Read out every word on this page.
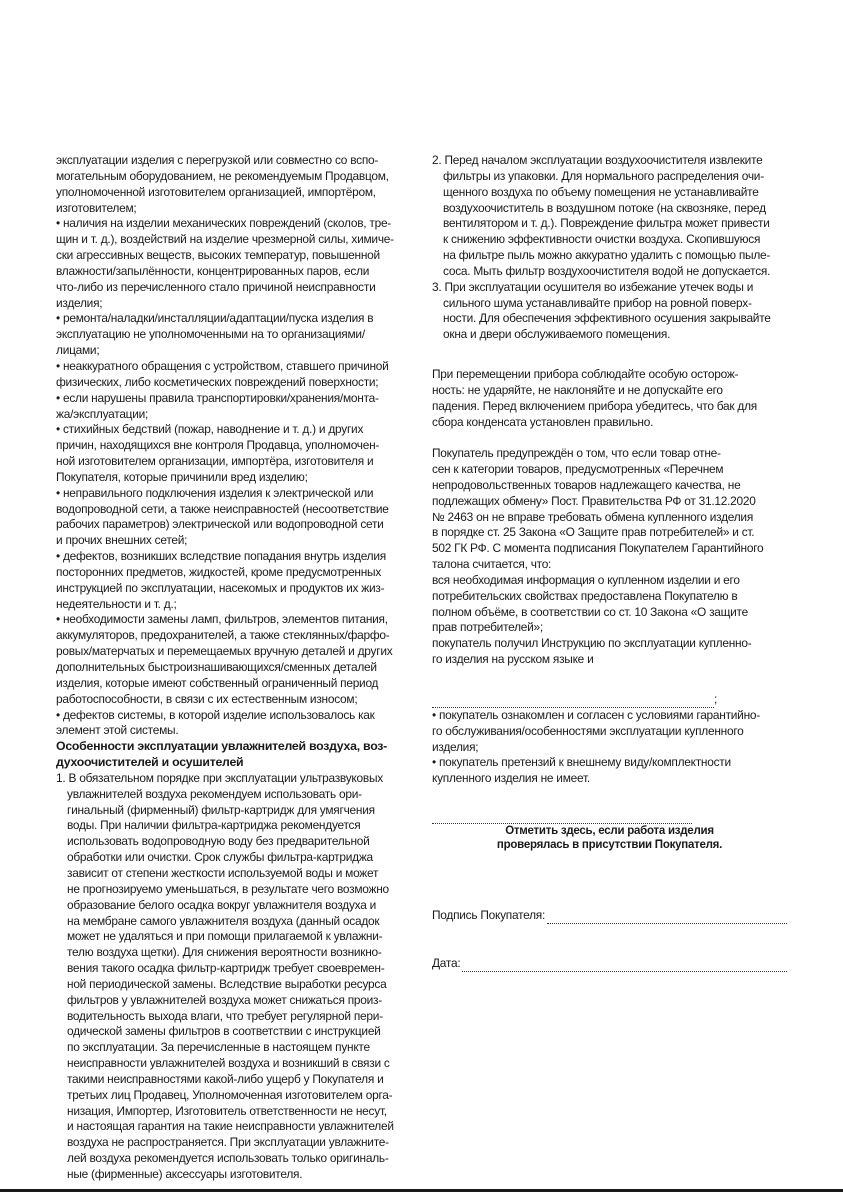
эксплуатации изделия с перегрузкой или совместно со вспо-

могательным оборудованием, не рекомендуемым Продавцом,

уполномоченной изготовителем организацией, импортёром,

изготовителем;

• наличия на изделии механических повреждений (сколов, тре-

щин и т. д.), воздействий на изделие чрезмерной силы, химиче-

ски агрессивных веществ, высоких температур, повышенной

влажности/запылённости, концентрированных паров, если

что-либо из перечисленного стало причиной неисправности

изделия;

• ремонта/наладки/инсталляции/адаптации/пуска изделия в

эксплуатацию не уполномоченными на то организациями/

лицами;

• неаккуратного обращения с устройством, ставшего причиной

физических, либо косметических повреждений поверхности;

• если нарушены правила транспортировки/хранения/монта-

жа/эксплуатации;

• стихийных бедствий (пожар, наводнение и т. д.) и других

причин, находящихся вне контроля Продавца, уполномочен-

ной изготовителем организации, импортёра, изготовителя и

Покупателя, которые причинили вред изделию;

• неправильного подключения изделия к электрической или

водопроводной сети, а также неисправностей (несоответствие

рабочих параметров) электрической или водопроводной сети

и прочих внешних сетей;

• дефектов, возникших вследствие попадания внутрь изделия

посторонних предметов, жидкостей, кроме предусмотренных

инструкцией по эксплуатации, насекомых и продуктов их жиз-

недеятельности и т. д.;

• необходимости замены ламп, фильтров, элементов питания,

аккумуляторов, предохранителей, а также стеклянных/фарфо-

ровых/матерчатых и перемещаемых вручную деталей и других

дополнительных быстроизнашивающихся/сменных деталей

изделия, которые имеют собственный ограниченный период

работоспособности, в связи с их естественным износом;

• дефектов системы, в которой изделие использовалось как

элемент этой системы.

Особенности эксплуатации увлажнителей воздуха, воз-

духоочистителей и осушителей

1. В обязательном порядке при эксплуатации ультразвуковых

увлажнителей воздуха рекомендуем использовать ори-

гинальный (фирменный) фильтр-картридж для умягчения

воды. При наличии фильтра-картриджа рекомендуется

использовать водопроводную воду без предварительной

обработки или очистки. Срок службы фильтра-картриджа

зависит от степени жесткости используемой воды и может

не прогнозируемо уменьшаться, в результате чего возможно

образование белого осадка вокруг увлажнителя воздуха и

на мембране самого увлажнителя воздуха (данный осадок

может не удаляться и при помощи прилагаемой к увлажни-

телю воздуха щетки). Для снижения вероятности возникно-

вения такого осадка фильтр-картридж требует своевремен-

ной периодической замены. Вследствие выработки ресурса

фильтров у увлажнителей воздуха может снижаться произ-

водительность выхода влаги, что требует регулярной пери-

одической замены фильтров в соответствии с инструкцией

по эксплуатации. За перечисленные в настоящем пункте

неисправности увлажнителей воздуха и возникший в связи с

такими неисправностями какой-либо ущерб у Покупателя и

третьих лиц Продавец, Уполномоченная изготовителем орга-

низация, Импортер, Изготовитель ответственности не несут,

и настоящая гарантия на такие неисправности увлажнителей

воздуха не распространяется. При эксплуатации увлажните-

лей воздуха рекомендуется использовать только оригиналь-

ные (фирменные) аксессуары изготовителя.

2. Перед началом эксплуатации воздухоочистителя извлеките

фильтры из упаковки. Для нормального распределения очи-

щенного воздуха по объему помещения не устанавливайте

воздухоочиститель в воздушном потоке (на сквозняке, перед

вентилятором и т. д.). Повреждение фильтра может привести

к снижению эффективности очистки воздуха. Скопившуюся

на фильтре пыль можно аккуратно удалить с помощью пыле-

соса. Мыть фильтр воздухоочистителя водой не допускается.

3. При эксплуатации осушителя во избежание утечек воды и

сильного шума устанавливайте прибор на ровной поверх-

ности. Для обеспечения эффективного осушения закрывайте

окна и двери обслуживаемого помещения.

При перемещении прибора соблюдайте особую осторож-

ность: не ударяйте, не наклоняйте и не допускайте его

падения. Перед включением прибора убедитесь, что бак для

сбора конденсата установлен правильно.

Покупатель предупреждён о том, что если товар отне-

сен к категории товаров, предусмотренных «Перечнем

непродовольственных товаров надлежащего качества, не

подлежащих обмену» Пост. Правительства РФ от 31.12.2020

№ 2463 он не вправе требовать обмена купленного изделия

в порядке ст. 25 Закона «О Защите прав потребителей» и ст.

502 ГК РФ. С момента подписания Покупателем Гарантийного

талона считается, что:

вся необходимая информация о купленном изделии и его

потребительских свойствах предоставлена Покупателю в

полном объёме, в соответствии со ст. 10 Закона «О защите

прав потребителей»;

покупатель получил Инструкцию по эксплуатации купленно-

го изделия на русском языке и

;

• покупатель ознакомлен и согласен с условиями гарантийно-

го обслуживания/особенностями эксплуатации купленного

изделия;

• покупатель претензий к внешнему виду/комплектности

купленного изделия не имеет.

Отметить здесь, если работа изделия

проверялась в присутствии Покупателя.

Подпись Покупателя:
Дата:
